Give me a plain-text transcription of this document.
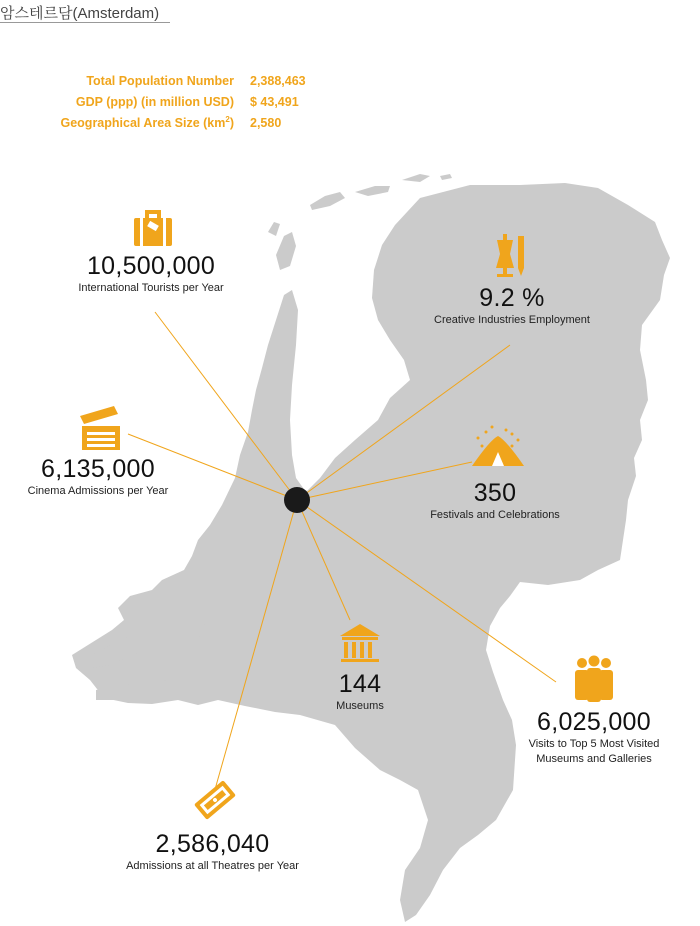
암스테르담(Amsterdam)
Total Population Number
GDP (ppp) (in million USD)
Geographical Area Size $(km^2)$
2,388,463
$ 43,491
2,580
10,500,000
International Tourists per Year	9.2 %
Creative Industries Employment
6,135,000
Cinema Admissions per Year	350
Festivals and Celebrations
144
Museums
6,025,000
Visits to Top 5 Most Visited
Museums and Galleries
2,586,040
Admissions at all Theatres per Year
